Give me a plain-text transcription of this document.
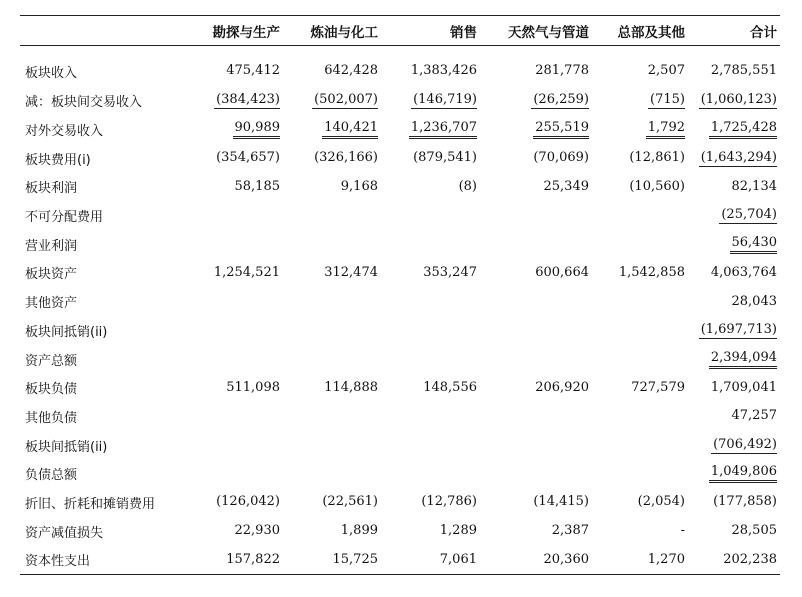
	勘探与生产	炼油与化工	销售	天然气与管道	总部及其他	合计
板块收入	475,412	642,428	1,383,426	281,778	2,507	2,785,551
减：板块间交易收入	(384,423)	(502,007)	(146,719)	(26,259)	(715)	(1,060,123)
对外交易收入	90,989	140,421	1,236,707	255,519	1,792	1,725,428
板块费用(i)	(354,657)	(326,166)	(879,541)	(70,069)	(12,861)	(1,643,294)
板块利润	58,185	9,168	(8)	25,349	(10,560)	82,134
不可分配费用						(25,704)
营业利润						56,430
板块资产	1,254,521	312,474	353,247	600,664	1,542,858	4,063,764
其他资产						28,043
板块间抵销(ii)						(1,697,713)
资产总额						2,394,094
板块负债	511,098	114,888	148,556	206,920	727,579	1,709,041
其他负债						47,257
板块间抵销(ii)						(706,492)
负债总额						1,049,806
折旧、折耗和摊销费用	(126,042)	(22,561)	(12,786)	(14,415)	(2,054)	(177,858)
资产减值损失	22,930	1,899	1,289	2,387	-	28,505
资本性支出	157,822	15,725	7,061	20,360	1,270	202,238
